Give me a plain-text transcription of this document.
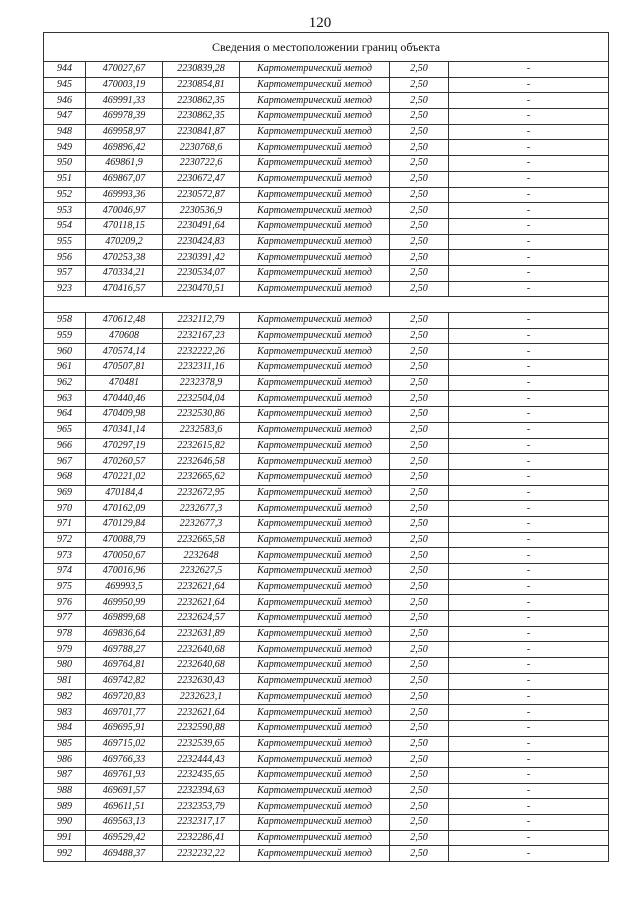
120
Сведения о местоположении границ объекта					
944	470027,67	2230839,28	Картометрический метод	2,50	-
945	470003,19	2230854,81	Картометрический метод	2,50	-
946	469991,33	2230862,35	Картометрический метод	2,50	-
947	469978,39	2230862,35	Картометрический метод	2,50	-
948	469958,97	2230841,87	Картометрический метод	2,50	-
949	469896,42	2230768,6	Картометрический метод	2,50	-
950	469861,9	2230722,6	Картометрический метод	2,50	-
951	469867,07	2230672,47	Картометрический метод	2,50	-
952	469993,36	2230572,87	Картометрический метод	2,50	-
953	470046,97	2230536,9	Картометрический метод	2,50	-
954	470118,15	2230491,64	Картометрический метод	2,50	-
955	470209,2	2230424,83	Картометрический метод	2,50	-
956	470253,38	2230391,42	Картометрический метод	2,50	-
957	470334,21	2230534,07	Картометрический метод	2,50	-
923	470416,57	2230470,51	Картометрический метод	2,50	-

958	470612,48	2232112,79	Картометрический метод	2,50	-
959	470608	2232167,23	Картометрический метод	2,50	-
960	470574,14	2232222,26	Картометрический метод	2,50	-
961	470507,81	2232311,16	Картометрический метод	2,50	-
962	470481	2232378,9	Картометрический метод	2,50	-
963	470440,46	2232504,04	Картометрический метод	2,50	-
964	470409,98	2232530,86	Картометрический метод	2,50	-
965	470341,14	2232583,6	Картометрический метод	2,50	-
966	470297,19	2232615,82	Картометрический метод	2,50	-
967	470260,57	2232646,58	Картометрический метод	2,50	-
968	470221,02	2232665,62	Картометрический метод	2,50	-
969	470184,4	2232672,95	Картометрический метод	2,50	-
970	470162,09	2232677,3	Картометрический метод	2,50	-
971	470129,84	2232677,3	Картометрический метод	2,50	-
972	470088,79	2232665,58	Картометрический метод	2,50	-
973	470050,67	2232648	Картометрический метод	2,50	-
974	470016,96	2232627,5	Картометрический метод	2,50	-
975	469993,5	2232621,64	Картометрический метод	2,50	-
976	469950,99	2232621,64	Картометрический метод	2,50	-
977	469899,68	2232624,57	Картометрический метод	2,50	-
978	469836,64	2232631,89	Картометрический метод	2,50	-
979	469788,27	2232640,68	Картометрический метод	2,50	-
980	469764,81	2232640,68	Картометрический метод	2,50	-
981	469742,82	2232630,43	Картометрический метод	2,50	-
982	469720,83	2232623,1	Картометрический метод	2,50	-
983	469701,77	2232621,64	Картометрический метод	2,50	-
984	469695,91	2232590,88	Картометрический метод	2,50	-
985	469715,02	2232539,65	Картометрический метод	2,50	-
986	469766,33	2232444,43	Картометрический метод	2,50	-
987	469761,93	2232435,65	Картометрический метод	2,50	-
988	469691,57	2232394,63	Картометрический метод	2,50	-
989	469611,51	2232353,79	Картометрический метод	2,50	-
990	469563,13	2232317,17	Картометрический метод	2,50	-
991	469529,42	2232286,41	Картометрический метод	2,50	-
992	469488,37	2232232,22	Картометрический метод	2,50	-
